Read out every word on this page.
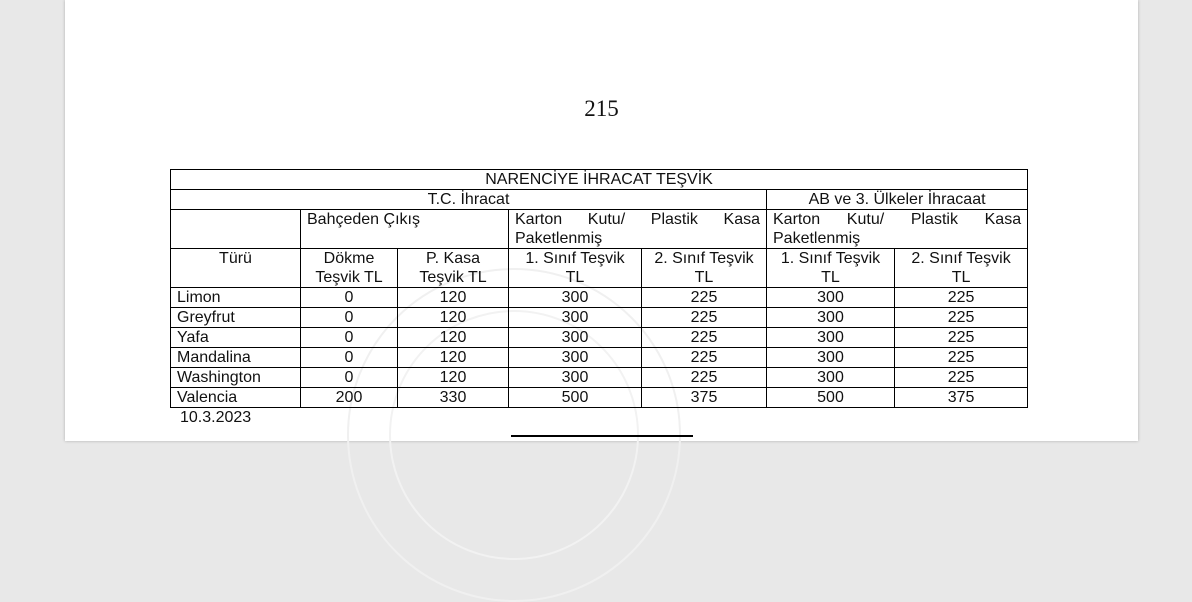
215
NARENCİYE İHRACAT TEŞVİK						
T.C. İhracat					AB ve 3. Ülkeler İhracaat	
	Bahçeden Çıkış		Karton Kutu/ Plastik Kasa Paketlenmiş		Karton Kutu/ Plastik Kasa Paketlenmiş	
Türü	Dökme Teşvik TL	P. Kasa Teşvik TL	1. Sınıf Teşvik TL	2. Sınıf Teşvik TL	1. Sınıf Teşvik TL	2. Sınıf Teşvik TL
Limon	0	120	300	225	300	225
Greyfrut	0	120	300	225	300	225
Yafa	0	120	300	225	300	225
Mandalina	0	120	300	225	300	225
Washington	0	120	300	225	300	225
Valencia	200	330	500	375	500	375
10.3.2023
